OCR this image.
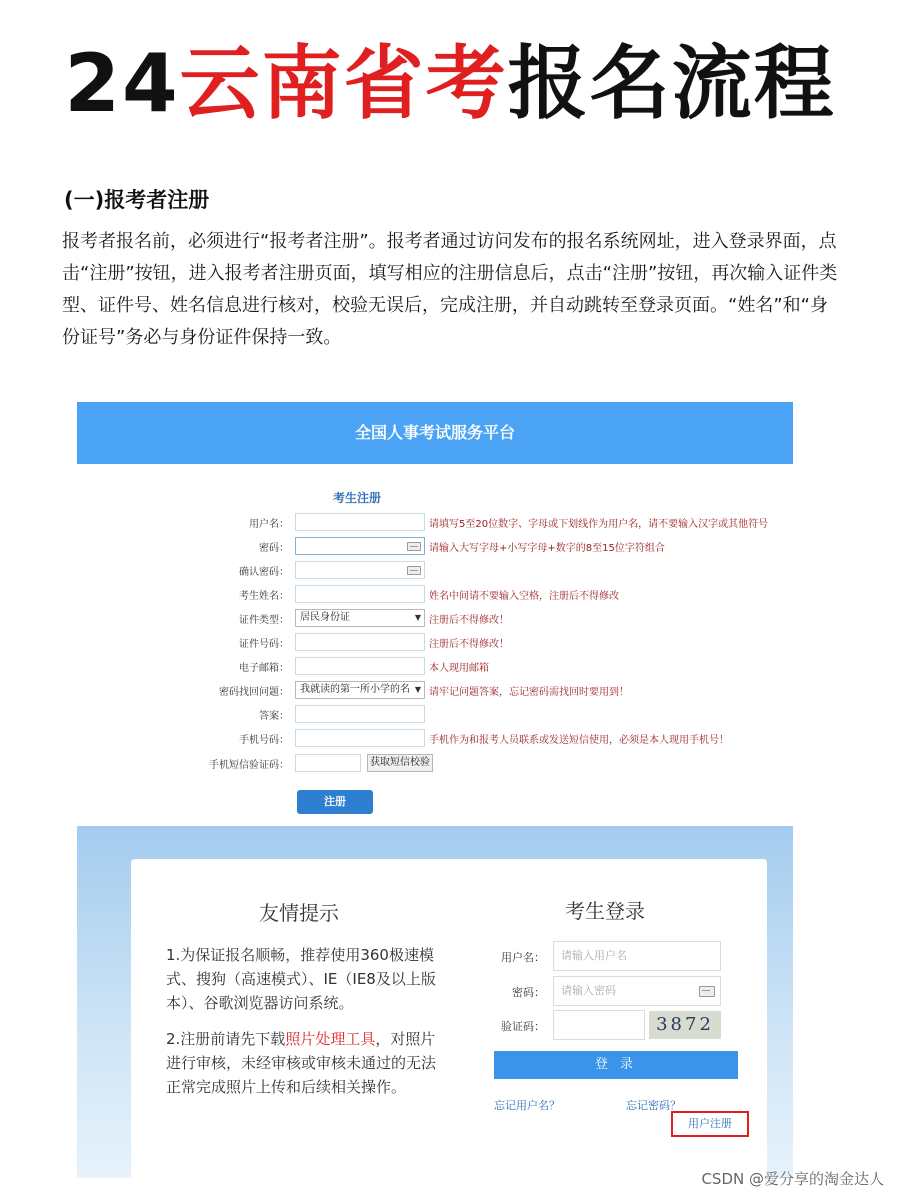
24云南省考报名流程
(一)报考者注册
报考者报名前，必须进行“报考者注册”。报考者通过访问发布的报名系统网址，进入登录界面，点击“注册”按钮，进入报考者注册页面，填写相应的注册信息后，点击“注册”按钮，再次输入证件类型、证件号、姓名信息进行核对，校验无误后，完成注册，并自动跳转至登录页面。“姓名”和“身份证号”务必与身份证件保持一致。
全国人事考试服务平台
考生注册
用户名：	请填写5至20位数字、字母或下划线作为用户名，请不要输入汉字或其他符号
密码：	请输入大写字母+小写字母+数字的8至15位字符组合
确认密码：
考生姓名：	姓名中间请不要输入空格，注册后不得修改
证件类型：	居民身份证	▼ 注册后不得修改！
证件号码：	注册后不得修改！
电子邮箱：	本人现用邮箱
密码找回问题：	我就读的第一所小学的名 ▼ 请牢记问题答案，忘记密码需找回时要用到！
答案：
手机号码：	手机作为和报考人员联系或发送短信使用，必须是本人现用手机号！
手机短信验证码：	获取短信校验
注册
友情提示
1.为保证报名顺畅，推荐使用360极速模式、搜狗（高速模式）、IE（IE8及以上版本）、谷歌浏览器访问系统。
2.注册前请先下载照片处理工具，对照片进行审核，未经审核或审核未通过的无法正常完成照片上传和后续相关操作。
考生登录
用户名：	请输入用户名
密码：	请输入密码
验证码：	3872
登 录
忘记用户名？	忘记密码？
用户注册
CSDN @爱分享的淘金达人
